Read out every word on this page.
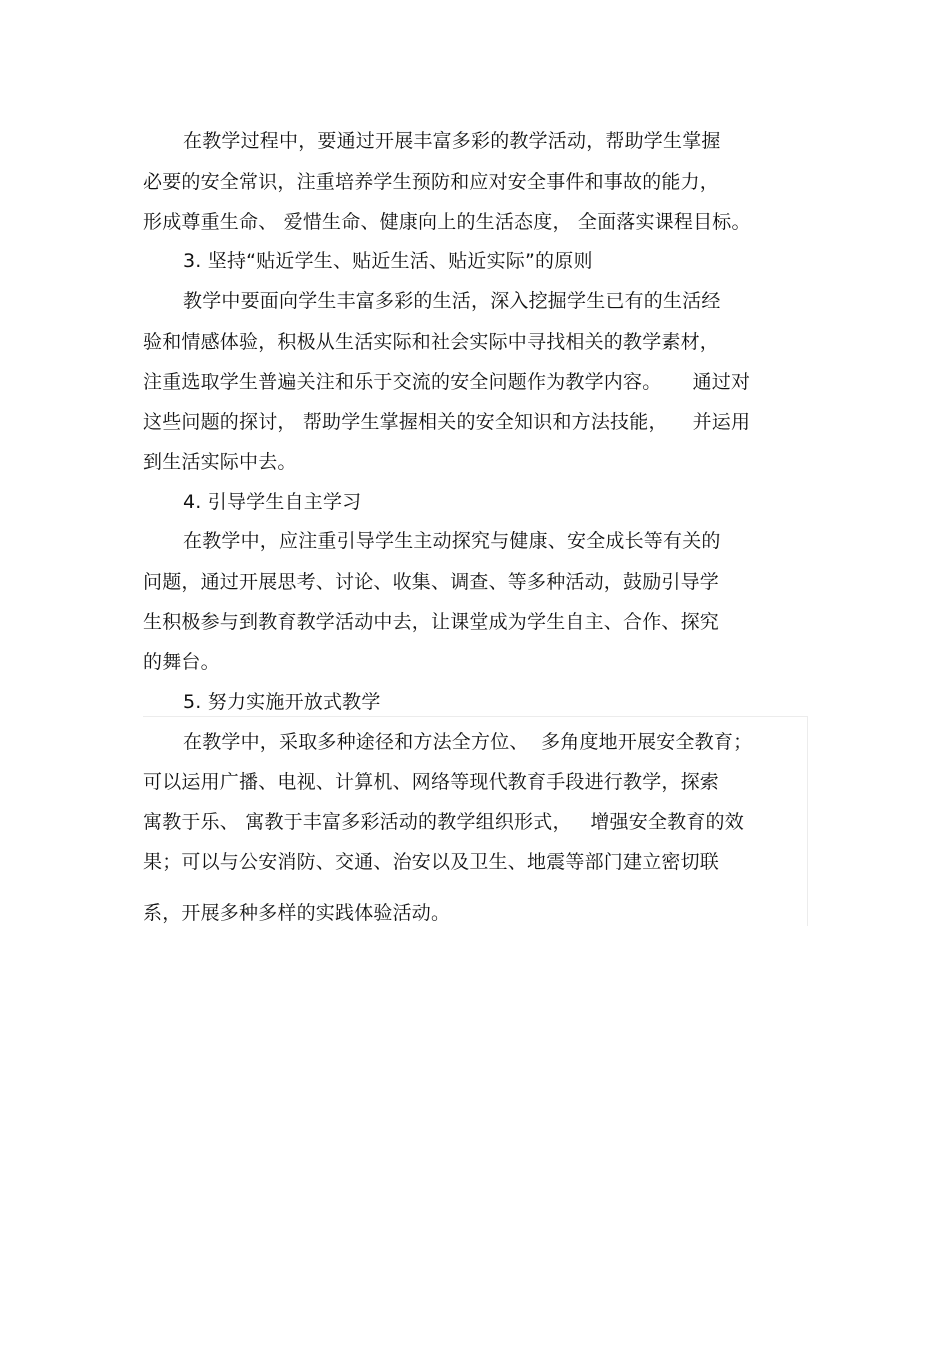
在教学过程中，要通过开展丰富多彩的教学活动，帮助学生掌握
必要的安全常识，注重培养学生预防和应对安全事件和事故的能力，
形成尊重生命、 爱惜生命、健康向上的生活态度， 全面落实课程目标。
3. 坚持“贴近学生、贴近生活、贴近实际”的原则
教学中要面向学生丰富多彩的生活，深入挖掘学生已有的生活经
验和情感体验，积极从生活实际和社会实际中寻找相关的教学素材，
注重选取学生普遍关注和乐于交流的安全问题作为教学内容。     通过对
这些问题的探讨， 帮助学生掌握相关的安全知识和方法技能，    并运用
到生活实际中去。
4. 引导学生自主学习
在教学中，应注重引导学生主动探究与健康、安全成长等有关的
问题，通过开展思考、讨论、收集、调查、等多种活动，鼓励引导学
生积极参与到教育教学活动中去，让课堂成为学生自主、合作、探究
的舞台。
5. 努力实施开放式教学
在教学中，采取多种途径和方法全方位、  多角度地开展安全教育；
可以运用广播、电视、计算机、网络等现代教育手段进行教学，探索
寓教于乐、 寓教于丰富多彩活动的教学组织形式，   增强安全教育的效
果；可以与公安消防、交通、治安以及卫生、地震等部门建立密切联
系，开展多种多样的实践体验活动。
